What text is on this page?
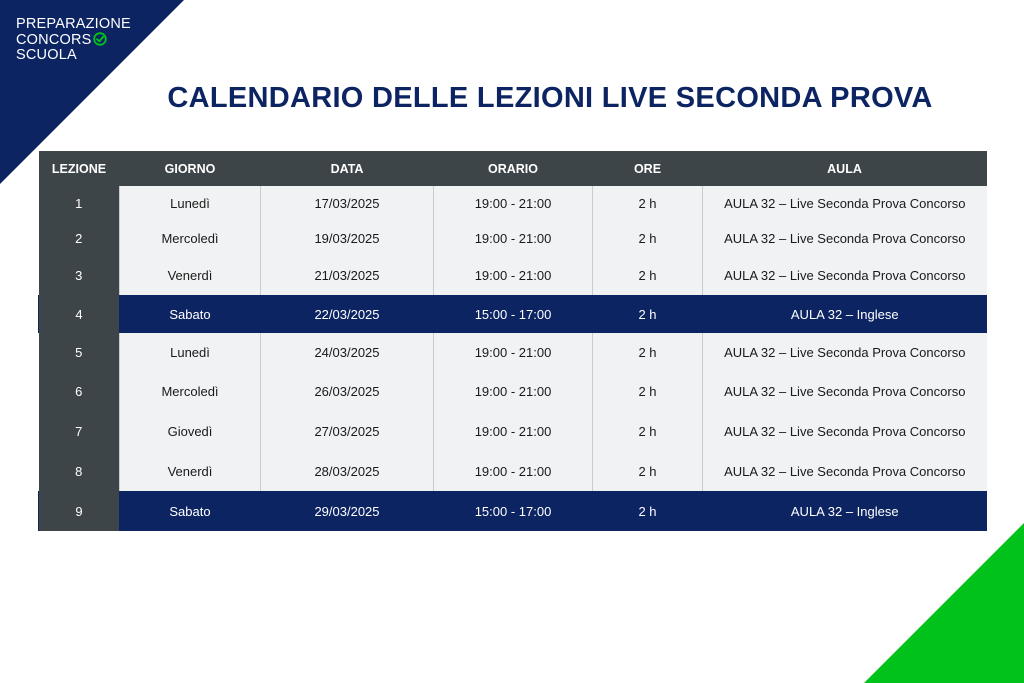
PREPARAZIONE
CONCORS
SCUOLA
CALENDARIO DELLE LEZIONI LIVE SECONDA PROVA
LEZIONE	GIORNO	DATA	ORARIO	ORE	AULA
1	Lunedì	17/03/2025	19:00 - 21:00	2 h	AULA 32 – Live Seconda Prova Concorso
2	Mercoledì	19/03/2025	19:00 - 21:00	2 h	AULA 32 – Live Seconda Prova Concorso
3	Venerdì	21/03/2025	19:00 - 21:00	2 h	AULA 32 – Live Seconda Prova Concorso
4	Sabato	22/03/2025	15:00 - 17:00	2 h	AULA 32 – Inglese
5	Lunedì	24/03/2025	19:00 - 21:00	2 h	AULA 32 – Live Seconda Prova Concorso
6	Mercoledì	26/03/2025	19:00 - 21:00	2 h	AULA 32 – Live Seconda Prova Concorso
7	Giovedì	27/03/2025	19:00 - 21:00	2 h	AULA 32 – Live Seconda Prova Concorso
8	Venerdì	28/03/2025	19:00 - 21:00	2 h	AULA 32 – Live Seconda Prova Concorso
9	Sabato	29/03/2025	15:00 - 17:00	2 h	AULA 32 – Inglese
